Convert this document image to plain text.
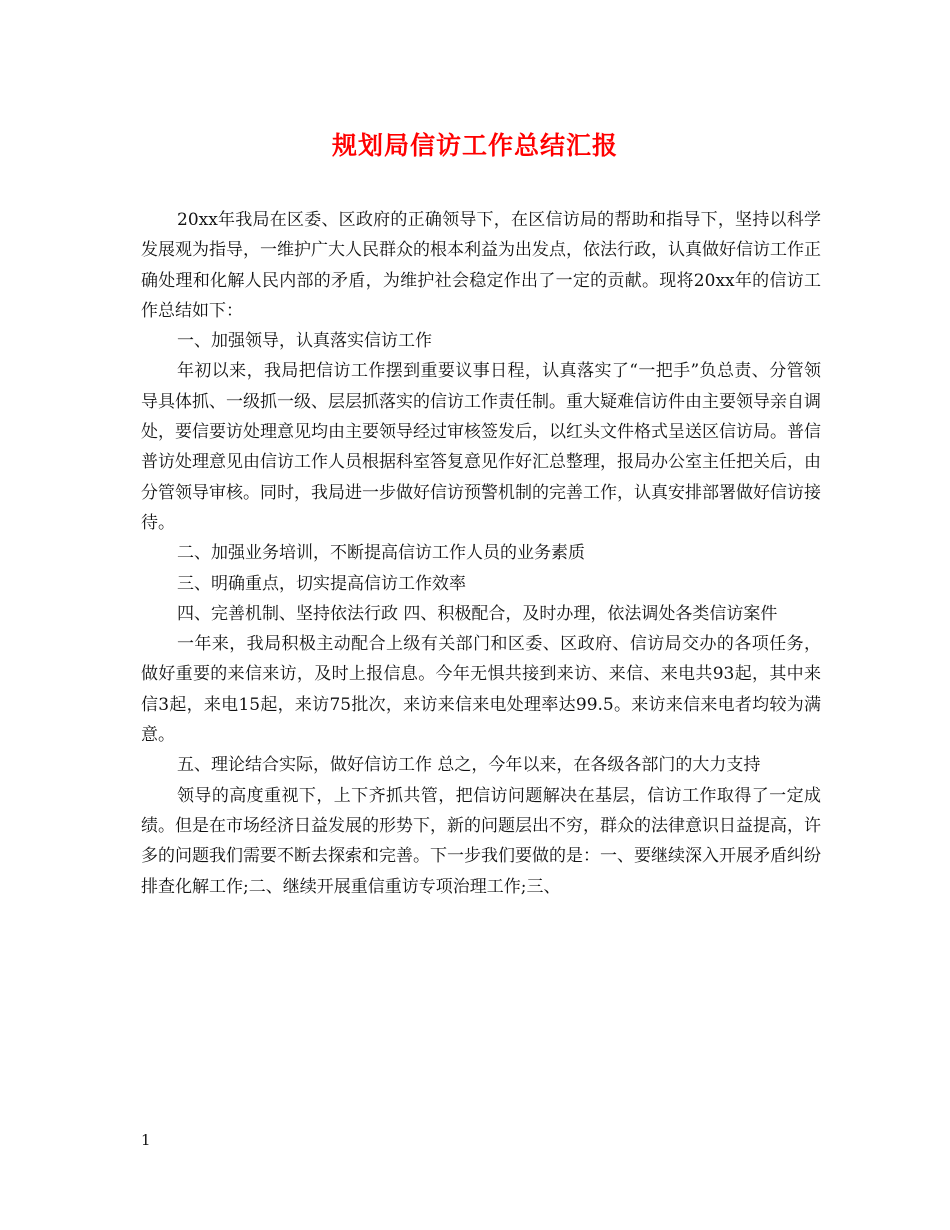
规划局信访工作总结汇报

20xx年我局在区委、区政府的正确领导下，在区信访局的帮助和指导下，坚持以科学发展观为指导，一维护广大人民群众的根本利益为出发点，依法行政，认真做好信访工作正确处理和化解人民内部的矛盾，为维护社会稳定作出了一定的贡献。现将20xx年的信访工作总结如下：

一、加强领导，认真落实信访工作

年初以来，我局把信访工作摆到重要议事日程，认真落实了“一把手”负总责、分管领导具体抓、一级抓一级、层层抓落实的信访工作责任制。重大疑难信访件由主要领导亲自调处，要信要访处理意见均由主要领导经过审核签发后，以红头文件格式呈送区信访局。普信普访处理意见由信访工作人员根据科室答复意见作好汇总整理，报局办公室主任把关后，由分管领导审核。同时，我局进一步做好信访预警机制的完善工作，认真安排部署做好信访接待。

二、加强业务培训，不断提高信访工作人员的业务素质

三、明确重点，切实提高信访工作效率

四、完善机制、坚持依法行政 四、积极配合，及时办理，依法调处各类信访案件

一年来，我局积极主动配合上级有关部门和区委、区政府、信访局交办的各项任务，做好重要的来信来访，及时上报信息。今年无惧共接到来访、来信、来电共93起，其中来信3起，来电15起，来访75批次，来访来信来电处理率达99.5。来访来信来电者均较为满意。

五、理论结合实际，做好信访工作 总之，今年以来，在各级各部门的大力支持

领导的高度重视下，上下齐抓共管，把信访问题解决在基层，信访工作取得了一定成绩。但是在市场经济日益发展的形势下，新的问题层出不穷，群众的法律意识日益提高，许多的问题我们需要不断去探索和完善。下一步我们要做的是：一、要继续深入开展矛盾纠纷排查化解工作;二、继续开展重信重访专项治理工作;三、

1
